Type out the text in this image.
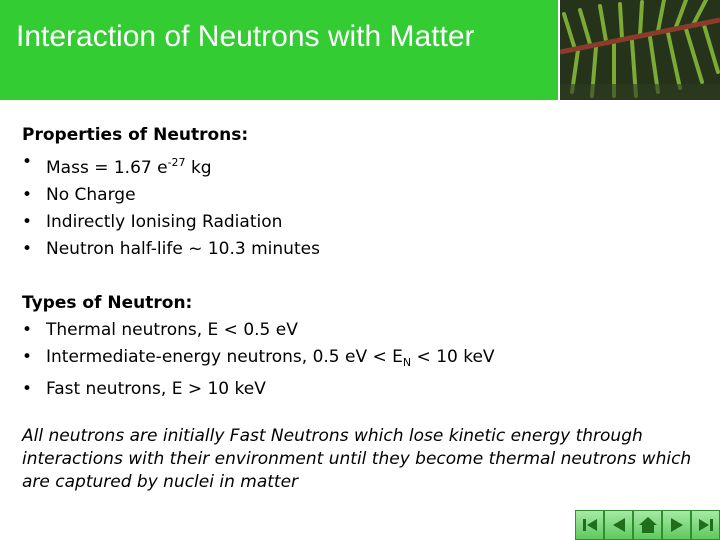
Interaction of Neutrons with Matter
Properties of Neutrons:
• Mass = 1.67 $e^{-27}$ kg
• No Charge
• Indirectly Ionising Radiation
• Neutron half-life ~ 10.3 minutes
Types of Neutron:
• Thermal neutrons, E < 0.5 eV
• Intermediate-energy neutrons, 0.5 eV < $E_N < 10$ keV
• Fast neutrons, E > 10 keV
All neutrons are initially Fast Neutrons which lose kinetic energy through interactions with their environment until they become thermal neutrons which are captured by nuclei in matter
